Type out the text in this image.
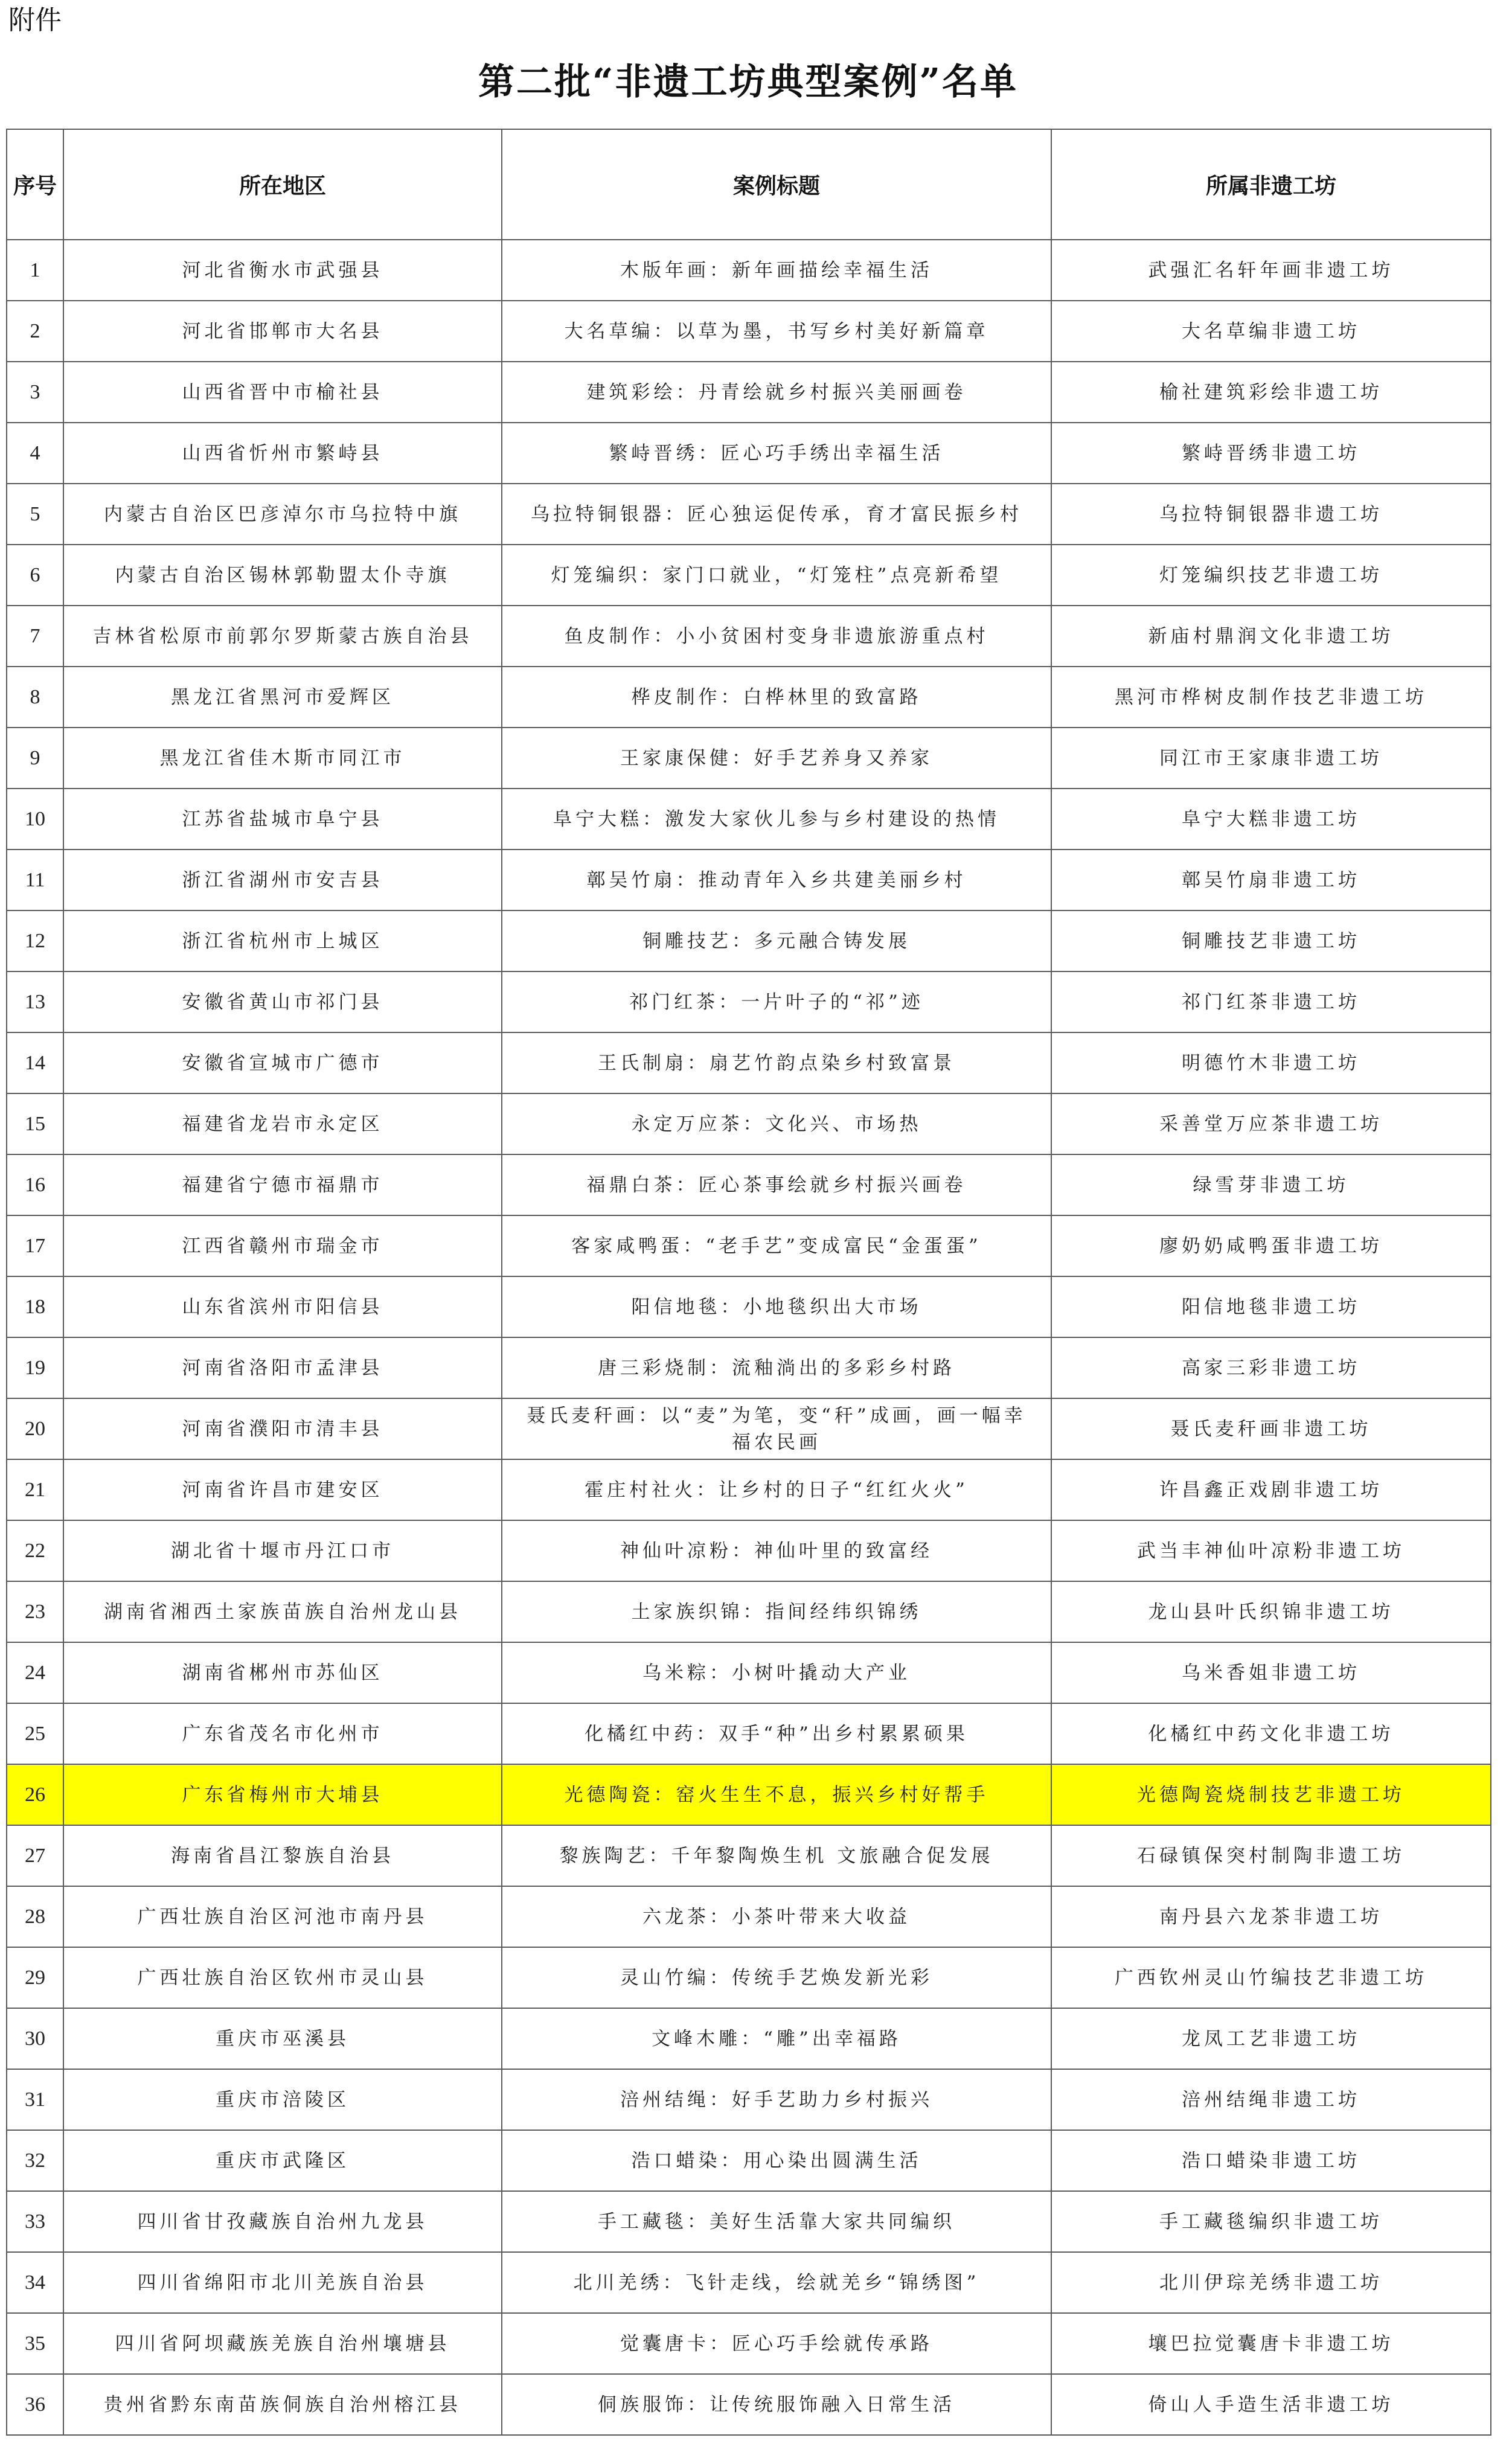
附件
第二批“非遗工坊典型案例”名单
序号	所在地区	案例标题	所属非遗工坊
1	河北省衡水市武强县	木版年画：新年画描绘幸福生活	武强汇名轩年画非遗工坊
2	河北省邯郸市大名县	大名草编：以草为墨，书写乡村美好新篇章	大名草编非遗工坊
3	山西省晋中市榆社县	建筑彩绘：丹青绘就乡村振兴美丽画卷	榆社建筑彩绘非遗工坊
4	山西省忻州市繁峙县	繁峙晋绣：匠心巧手绣出幸福生活	繁峙晋绣非遗工坊
5	内蒙古自治区巴彦淖尔市乌拉特中旗	乌拉特铜银器：匠心独运促传承，育才富民振乡村	乌拉特铜银器非遗工坊
6	内蒙古自治区锡林郭勒盟太仆寺旗	灯笼编织：家门口就业，“灯笼柱”点亮新希望	灯笼编织技艺非遗工坊
7	吉林省松原市前郭尔罗斯蒙古族自治县	鱼皮制作：小小贫困村变身非遗旅游重点村	新庙村鼎润文化非遗工坊
8	黑龙江省黑河市爱辉区	桦皮制作：白桦林里的致富路	黑河市桦树皮制作技艺非遗工坊
9	黑龙江省佳木斯市同江市	王家康保健：好手艺养身又养家	同江市王家康非遗工坊
10	江苏省盐城市阜宁县	阜宁大糕：激发大家伙儿参与乡村建设的热情	阜宁大糕非遗工坊
11	浙江省湖州市安吉县	鄣吴竹扇：推动青年入乡共建美丽乡村	鄣吴竹扇非遗工坊
12	浙江省杭州市上城区	铜雕技艺：多元融合铸发展	铜雕技艺非遗工坊
13	安徽省黄山市祁门县	祁门红茶：一片叶子的“祁”迹	祁门红茶非遗工坊
14	安徽省宣城市广德市	王氏制扇：扇艺竹韵点染乡村致富景	明德竹木非遗工坊
15	福建省龙岩市永定区	永定万应茶：文化兴、市场热	采善堂万应茶非遗工坊
16	福建省宁德市福鼎市	福鼎白茶：匠心茶事绘就乡村振兴画卷	绿雪芽非遗工坊
17	江西省赣州市瑞金市	客家咸鸭蛋：“老手艺”变成富民“金蛋蛋”	廖奶奶咸鸭蛋非遗工坊
18	山东省滨州市阳信县	阳信地毯：小地毯织出大市场	阳信地毯非遗工坊
19	河南省洛阳市孟津县	唐三彩烧制：流釉淌出的多彩乡村路	高家三彩非遗工坊
20	河南省濮阳市清丰县	聂氏麦秆画：以“麦”为笔，变“秆”成画，画一幅幸福农民画	聂氏麦秆画非遗工坊
21	河南省许昌市建安区	霍庄村社火：让乡村的日子“红红火火”	许昌鑫正戏剧非遗工坊
22	湖北省十堰市丹江口市	神仙叶凉粉：神仙叶里的致富经	武当丰神仙叶凉粉非遗工坊
23	湖南省湘西土家族苗族自治州龙山县	土家族织锦：指间经纬织锦绣	龙山县叶氏织锦非遗工坊
24	湖南省郴州市苏仙区	乌米粽：小树叶撬动大产业	乌米香姐非遗工坊
25	广东省茂名市化州市	化橘红中药：双手“种”出乡村累累硕果	化橘红中药文化非遗工坊
26	广东省梅州市大埔县	光德陶瓷：窑火生生不息，振兴乡村好帮手	光德陶瓷烧制技艺非遗工坊
27	海南省昌江黎族自治县	黎族陶艺：千年黎陶焕生机 文旅融合促发展	石碌镇保突村制陶非遗工坊
28	广西壮族自治区河池市南丹县	六龙茶：小茶叶带来大收益	南丹县六龙茶非遗工坊
29	广西壮族自治区钦州市灵山县	灵山竹编：传统手艺焕发新光彩	广西钦州灵山竹编技艺非遗工坊
30	重庆市巫溪县	文峰木雕：“雕”出幸福路	龙凤工艺非遗工坊
31	重庆市涪陵区	涪州结绳：好手艺助力乡村振兴	涪州结绳非遗工坊
32	重庆市武隆区	浩口蜡染：用心染出圆满生活	浩口蜡染非遗工坊
33	四川省甘孜藏族自治州九龙县	手工藏毯：美好生活靠大家共同编织	手工藏毯编织非遗工坊
34	四川省绵阳市北川羌族自治县	北川羌绣：飞针走线，绘就羌乡“锦绣图”	北川伊琮羌绣非遗工坊
35	四川省阿坝藏族羌族自治州壤塘县	觉囊唐卡：匠心巧手绘就传承路	壤巴拉觉囊唐卡非遗工坊
36	贵州省黔东南苗族侗族自治州榕江县	侗族服饰：让传统服饰融入日常生活	倚山人手造生活非遗工坊
